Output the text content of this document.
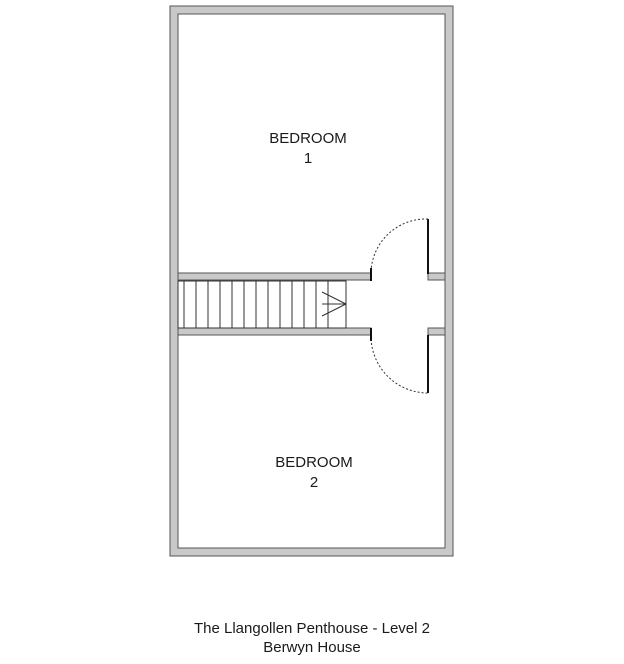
BEDROOM
1
BEDROOM
2
The Llangollen Penthouse - Level 2
Berwyn House
